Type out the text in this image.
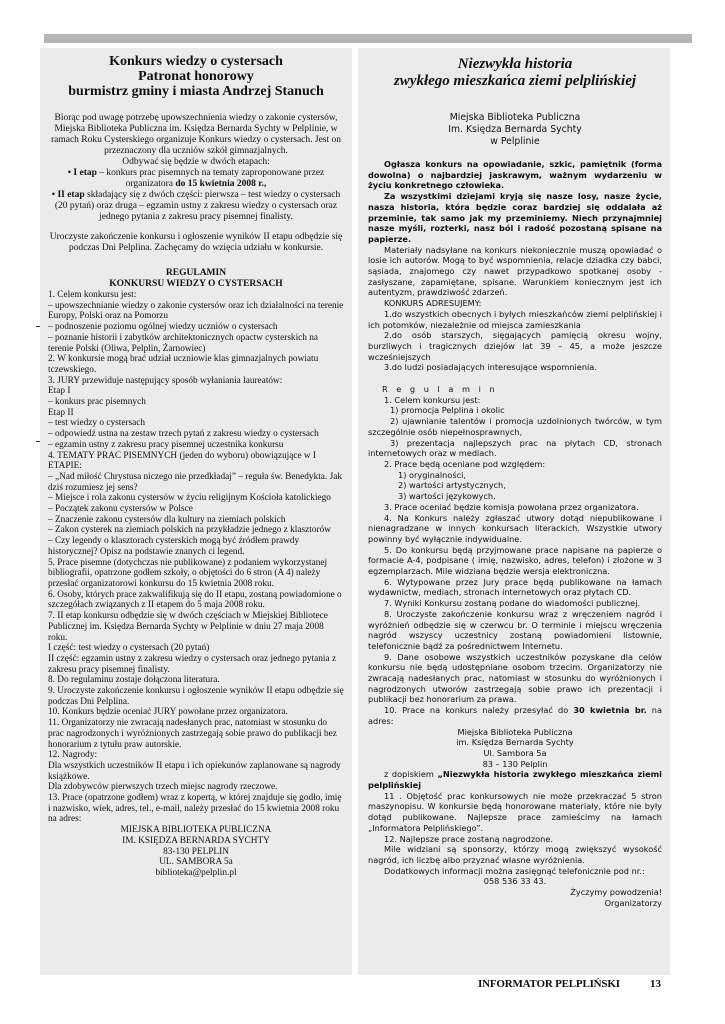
Konkurs wiedzy o cystersach
Patronat honorowy
burmistrz gminy i miasta Andrzej Stanuch

Biorąc pod uwagę potrzebę upowszechnienia wiedzy o zakonie cystersów, Miejska Biblioteka Publiczna im. Księdza Bernarda Sychty w Pelplinie, w ramach Roku Cysterskiego organizuje Konkurs wiedzy o cystersach. Jest on przeznaczony dla uczniów szkół gimnazjalnych.

Odbywać się będzie w dwóch etapach:

• I etap – konkurs prac pisemnych na tematy zaproponowane przez organizatora do 15 kwietnia 2008 r.,

• II etap składający się z dwóch części: pierwsza – test wiedzy o cystersach (20 pytań) oraz druga – egzamin ustny z zakresu wiedzy o cystersach oraz jednego pytania z zakresu pracy pisemnej finalisty.

Uroczyste zakończenie konkursu i ogłoszenie wyników II etapu odbędzie się podczas Dni Pelplina. Zachęcamy do wzięcia udziału w konkursie.

REGULAMIN
KONKURSU WIEDZY O CYSTERSACH

1. Celem konkursu jest:

– upowszechnianie wiedzy o zakonie cystersów oraz ich działalności na terenie Europy, Polski oraz na Pomorzu

– podnoszenie poziomu ogólnej wiedzy uczniów o cystersach

– poznanie historii i zabytków architektonicznych opactw cysterskich na terenie Polski (Oliwa, Pelplin, Żarnowiec)

2. W konkursie mogą brać udział uczniowie klas gimnazjalnych powiatu tczewskiego.

3. JURY przewiduje następujący sposób wyłaniania laureatów:

Etap I

– konkurs prac pisemnych

Etap II

– test wiedzy o cystersach

– odpowiedź ustna na zestaw trzech pytań z zakresu wiedzy o cystersach

– egzamin ustny z zakresu pracy pisemnej uczestnika konkursu

4. TEMATY PRAC PISEMNYCH (jeden do wyboru) obowiązujące w I ETAPIE:

– „Nad miłość Chrystusa niczego nie przedkładaj” – reguła św. Benedykta. Jak dziś rozumiesz jej sens?

– Miejsce i rola zakonu cystersów w życiu religijnym Kościoła katolickiego

– Początek zakonu cystersów w Polsce

– Znaczenie zakonu cystersów dla kultury na ziemiach polskich

– Zakon cysterek na ziemiach polskich na przykładzie jednego z klasztorów

– Czy legendy o klasztorach cysterskich mogą być źródłem prawdy historycznej? Opisz na podstawie znanych ci legend.

5. Prace pisemne (dotychczas nie publikowane) z podaniem wykorzystanej bibliografii, opatrzone godłem szkoły, o objętości do 6 stron (A 4) należy przesłać organizatorowi konkursu do 15 kwietnia 2008 roku.

6. Osoby, których prace zakwalifikują się do II etapu, zostaną powiadomione o szczegółach związanych z II etapem do 5 maja 2008 roku.

7. II etap konkursu odbędzie się w dwóch częściach w Miejskiej Bibliotece Publicznej im. Księdza Bernarda Sychty w Pelplinie w dniu 27 maja 2008 roku.

I część: test wiedzy o cystersach (20 pytań)

II część: egzamin ustny z zakresu wiedzy o cystersach oraz jednego pytania z zakresu pracy pisemnej finalisty.

8. Do regulaminu zostaje dołączona literatura.

9. Uroczyste zakończenie konkursu i ogłoszenie wyników II etapu odbędzie się podczas Dni Pelplina.

10. Konkurs będzie oceniać JURY powołane przez organizatora.

11. Organizatorzy nie zwracają nadesłanych prac, natomiast w stosunku do prac nagrodzonych i wyróżnionych zastrzegają sobie prawo do publikacji bez honorarium z tytułu praw autorskie.

12. Nagrody:

Dla wszystkich uczestników II etapu i ich opiekunów zaplanowane są nagrody książkowe.

Dla zdobywców pierwszych trzech miejsc nagrody rzeczowe.

13. Prace (opatrzone godłem) wraz z kopertą, w której znajduje się godło, imię i nazwisko, wiek, adres, tel., e-mail, należy przesłać do 15 kwietnia 2008 roku na adres:

MIEJSKA BIBLIOTEKA PUBLICZNA

IM. KSIĘDZA BERNARDA SYCHTY

83-130 PELPLIN

UL. SAMBORA 5a

biblioteka@pelplin.pl

Niezwykła historia
zwykłego mieszkańca ziemi pelplińskiej
Miejska Biblioteka Publiczna
Im. Księdza Bernarda Sychty
w Pelplinie

Ogłasza konkurs na opowiadanie, szkic, pamiętnik (forma dowolna) o najbardziej jaskrawym, ważnym wydarzeniu w życiu konkretnego człowieka.

Za wszystkimi dziejami kryją się nasze losy, nasze życie, nasza historia, która będzie coraz bardziej się oddalała aż przeminie, tak samo jak my przeminiemy. Niech przynajmniej nasze myśli, rozterki, nasz ból i radość pozostaną spisane na papierze.

Materiały nadsyłane na konkurs niekoniecznie muszą opowiadać o losie ich autorów. Mogą to być wspomnienia, relacje dziadka czy babci, sąsiada, znajomego czy nawet przypadkowo spotkanej osoby - zasłyszane, zapamiętane, spisane. Warunkiem koniecznym jest ich autentyzm, prawdziwość zdarzeń.

KONKURS ADRESUJEMY:

1.do wszystkich obecnych i byłych mieszkańców ziemi pelplińskiej i ich potomków, niezależnie od miejsca zamieszkania

2.do osób starszych, sięgających pamięcią okresu wojny, burzliwych i tragicznych dziejów lat 39 – 45, a może jeszcze wcześniejszych

3.do ludzi posiadających interesujące wspomnienia.

R e g u l a m i n

1. Celem konkursu jest:

1) promocja Pelplina i okolic

2) ujawnianie talentów i promocja uzdolnionych twórców, w tym szczególnie osób niepełnosprawnych,

3) prezentacja najlepszych prac na płytach CD, stronach internetowych oraz w mediach.

2. Prace będą oceniane pod względem:

1) oryginalności,

2) wartości artystycznych,

3) wartości językowych.

3. Prace oceniać będzie komisja powołana przez organizatora.

4. Na Konkurs należy zgłaszać utwory dotąd niepublikowane i nienagradzane w innych konkursach literackich. Wszystkie utwory powinny być wyłącznie indywidualne.

5. Do konkursu będą przyjmowane prace napisane na papierze o formacie A-4, podpisane ( imię, nazwisko, adres, telefon) i złożone w 3 egzemplarzach. Mile widziana będzie wersja elektroniczna.

6. Wytypowane przez Jury prace będą publikowane na łamach wydawnictw, mediach, stronach internetowych oraz płytach CD.

7. Wyniki Konkursu zostaną podane do wiadomości publicznej.

8. Uroczyste zakończenie konkursu wraz z wręczeniem nagród i wyróżnień odbędzie się w czerwcu br. O terminie i miejscu wręczenia nagród wszyscy uczestnicy zostaną powiadomieni listownie, telefonicznie bądź za pośrednictwem Internetu.

9. Dane osobowe wszystkich uczestników pozyskane dla celów konkursu nie będą udostępniane osobom trzecim. Organizatorzy nie zwracają nadesłanych prac, natomiast w stosunku do wyróżnionych i nagrodzonych utworów zastrzegają sobie prawo ich prezentacji i publikacji bez honorarium za prawa.

10. Prace na konkurs należy przesyłać do 30 kwietnia br. na adres:

Miejska Biblioteka Publiczna

im. Księdza Bernarda Sychty

Ul. Sambora 5a

83 – 130 Pelplin

z dopiskiem „Niezwykła historia zwykłego mieszkańca ziemi pelplińskiej

11 . Objętość prac konkursowych nie może przekraczać 5 stron maszynopisu. W konkursie będą honorowane materiały, które nie były dotąd publikowane. Najlepsze prace zamieścimy na łamach „Informatora Pelplińskiego”.

12. Najlepsze prace zostaną nagrodzone.

Mile widziani są sponsorzy, którzy mogą zwiększyć wysokość nagród, ich liczbę albo przyznać własne wyróżnienia.

Dodatkowych informacji można zasięgnąć telefonicznie pod nr.:

058 536 33 43.

Życzymy powodzenia!

Organizatorzy

INFORMATOR PELPLIŃSKI	13
